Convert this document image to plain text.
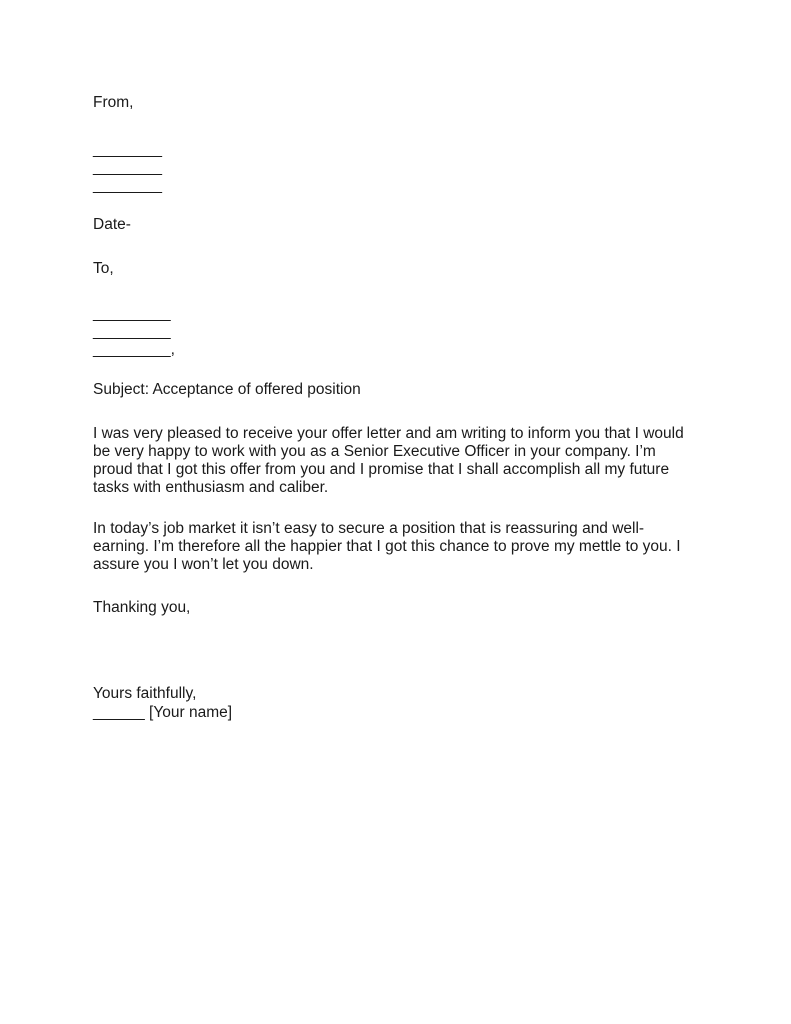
From,
________
________
________
Date-
To,
_________
_________
_________,
Subject: Acceptance of offered position
I was very pleased to receive your offer letter and am writing to inform you that I would
be very happy to work with you as a Senior Executive Officer in your company. I’m
proud that I got this offer from you and I promise that I shall accomplish all my future
tasks with enthusiasm and caliber.
In today’s job market it isn’t easy to secure a position that is reassuring and well-
earning. I’m therefore all the happier that I got this chance to prove my mettle to you. I
assure you I won’t let you down.
Thanking you,
Yours faithfully,
______ [Your name]
